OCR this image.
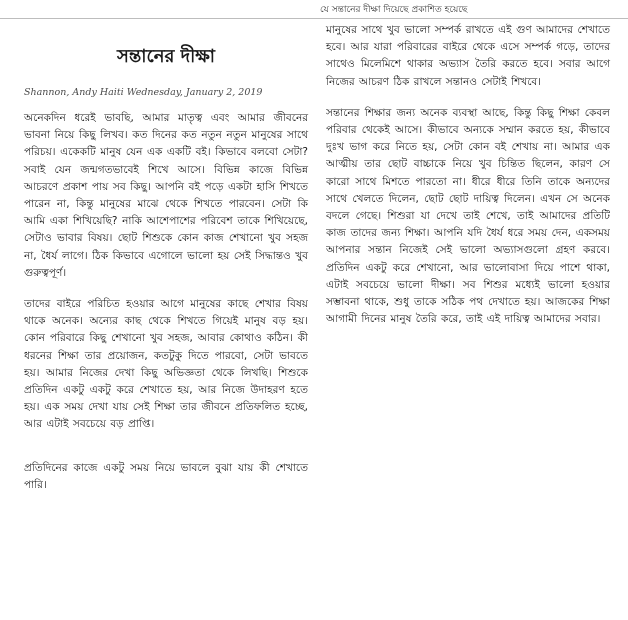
যে সন্তানের দীক্ষা দিয়েছে প্রকাশিত হয়েছে
সন্তানের দীক্ষা
Shannon, Andy Haiti Wednesday, January 2, 2019

অনেকদিন ধরেই ভাবছি, আমার মাতৃত্ব এবং আমার জীবনের ভাবনা নিয়ে কিছু লিখব। কত দিনের কত নতুন নতুন মানুষের সাথে পরিচয়। একেকটি মানুষ যেন এক একটি বই। কিভাবে বলবো সেটা? সবাই যেন জন্মগতভাবেই শিখে আসে। বিভিন্ন কাজে বিভিন্ন আচরণে প্রকাশ পায় সব কিছু। আপনি বই পড়ে একটা হাসি শিখতে পারেন না, কিন্তু মানুষের মাঝে থেকে শিখতে পারবেন। সেটা কি আমি একা শিখিয়েছি? নাকি আশেপাশের পরিবেশ তাকে শিখিয়েছে, সেটাও ভাবার বিষয়। ছোট শিশুকে কোন কাজ শেখানো খুব সহজ না, ধৈর্য লাগে। ঠিক কিভাবে এগোলে ভালো হয় সেই সিদ্ধান্তও খুব গুরুত্বপূর্ণ।

তাদের বাইরে পরিচিত হওয়ার আগে মানুষের কাছে শেখার বিষয় থাকে অনেক। অন্যের কাছ থেকে শিখতে গিয়েই মানুষ বড় হয়। কোন পরিবারে কিছু শেখানো খুব সহজ, আবার কোথাও কঠিন। কী ধরনের শিক্ষা তার প্রয়োজন, কতটুকু দিতে পারবো, সেটা ভাবতে হয়। আমার নিজের দেখা কিছু অভিজ্ঞতা থেকে লিখছি। শিশুকে প্রতিদিন একটু একটু করে শেখাতে হয়, আর নিজে উদাহরণ হতে হয়। এক সময় দেখা যায় সেই শিক্ষা তার জীবনে প্রতিফলিত হচ্ছে, আর এটাই সবচেয়ে বড় প্রাপ্তি।

প্রতিদিনের কাজে একটু সময় নিয়ে ভাবলে বুঝা যায় কী শেখাতে পারি।

মানুষের সাথে খুব ভালো সম্পর্ক রাখতে এই গুণ আমাদের শেখাতে হবে। আর যারা পরিবারের বাইরে থেকে এসে সম্পর্ক গড়ে, তাদের সাথেও মিলেমিশে থাকার অভ্যাস তৈরি করতে হবে। সবার আগে নিজের আচরণ ঠিক রাখলে সন্তানও সেটাই শিখবে।

সন্তানের শিক্ষার জন্য অনেক ব্যবস্থা আছে, কিন্তু কিছু শিক্ষা কেবল পরিবার থেকেই আসে। কীভাবে অন্যকে সম্মান করতে হয়, কীভাবে দুঃখ ভাগ করে নিতে হয়, সেটা কোন বই শেখায় না। আমার এক আত্মীয় তার ছোট বাচ্চাকে নিয়ে খুব চিন্তিত ছিলেন, কারণ সে কারো সাথে মিশতে পারতো না। ধীরে ধীরে তিনি তাকে অন্যদের সাথে খেলতে দিলেন, ছোট ছোট দায়িত্ব দিলেন। এখন সে অনেক বদলে গেছে। শিশুরা যা দেখে তাই শেখে, তাই আমাদের প্রতিটি কাজ তাদের জন্য শিক্ষা। আপনি যদি ধৈর্য ধরে সময় দেন, একসময় আপনার সন্তান নিজেই সেই ভালো অভ্যাসগুলো গ্রহণ করবে। প্রতিদিন একটু করে শেখানো, আর ভালোবাসা দিয়ে পাশে থাকা, এটাই সবচেয়ে ভালো দীক্ষা। সব শিশুর মধ্যেই ভালো হওয়ার সম্ভাবনা থাকে, শুধু তাকে সঠিক পথ দেখাতে হয়। আজকের শিক্ষা আগামী দিনের মানুষ তৈরি করে, তাই এই দায়িত্ব আমাদের সবার।
